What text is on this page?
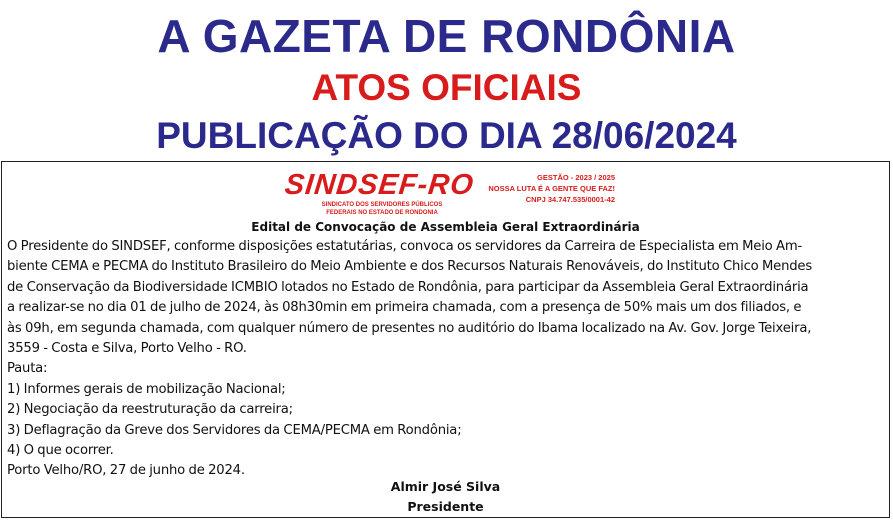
A GAZETA DE RONDÔNIA
ATOS OFICIAIS
PUBLICAÇÃO DO DIA 28/06/2024
SINDSEF-RO
SINDICATO DOS SERVIDORES PÚBLICOS
FEDERAIS NO ESTADO DE RONDONIA
GESTÃO - 2023 / 2025
NOSSA LUTA É A GENTE QUE FAZ!
CNPJ 34.747.535/0001-42
Edital de Convocação de Assembleia Geral Extraordinária
O Presidente do SINDSEF, conforme disposições estatutárias, convoca os servidores da Carreira de Especialista em Meio Am-
biente CEMA e PECMA do Instituto Brasileiro do Meio Ambiente e dos Recursos Naturais Renováveis, do Instituto Chico Mendes
de Conservação da Biodiversidade ICMBIO lotados no Estado de Rondônia, para participar da Assembleia Geral Extraordinária
a realizar-se no dia 01 de julho de 2024, às 08h30min em primeira chamada, com a presença de 50% mais um dos filiados, e
às 09h, em segunda chamada, com qualquer número de presentes no auditório do Ibama localizado na Av. Gov. Jorge Teixeira,
3559 - Costa e Silva, Porto Velho - RO.
Pauta:
1) Informes gerais de mobilização Nacional;
2) Negociação da reestruturação da carreira;
3) Deflagração da Greve dos Servidores da CEMA/PECMA em Rondônia;
4) O que ocorrer.
Porto Velho/RO, 27 de junho de 2024.
Almir José Silva
Presidente
